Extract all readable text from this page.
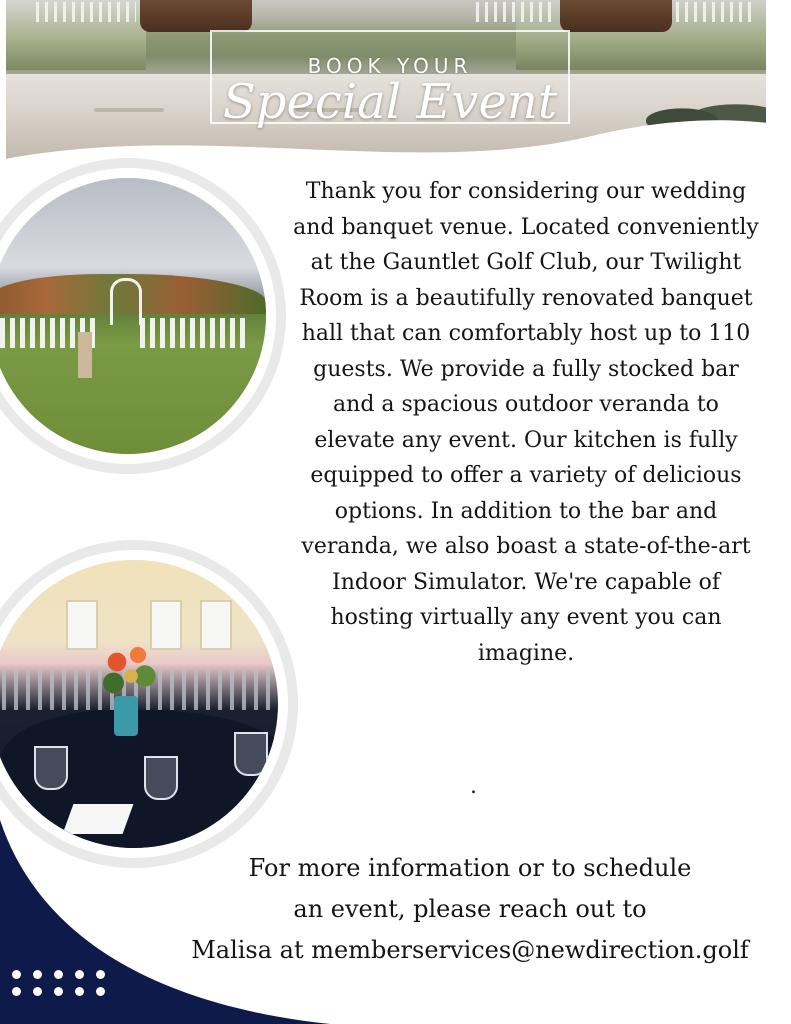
BOOK YOUR
Special Event

Thank you for considering our wedding and banquet venue. Located conveniently at the Gauntlet Golf Club, our Twilight Room is a beautifully renovated banquet hall that can comfortably host up to 110 guests. We provide a fully stocked bar and a spacious outdoor veranda to elevate any event. Our kitchen is fully equipped to offer a variety of delicious options. In addition to the bar and veranda, we also boast a state-of-the-art Indoor Simulator. We're capable of hosting virtually any event you can imagine.

.

For more information or to schedule
an event, please reach out to
Malisa at memberservices@newdirection.golf
